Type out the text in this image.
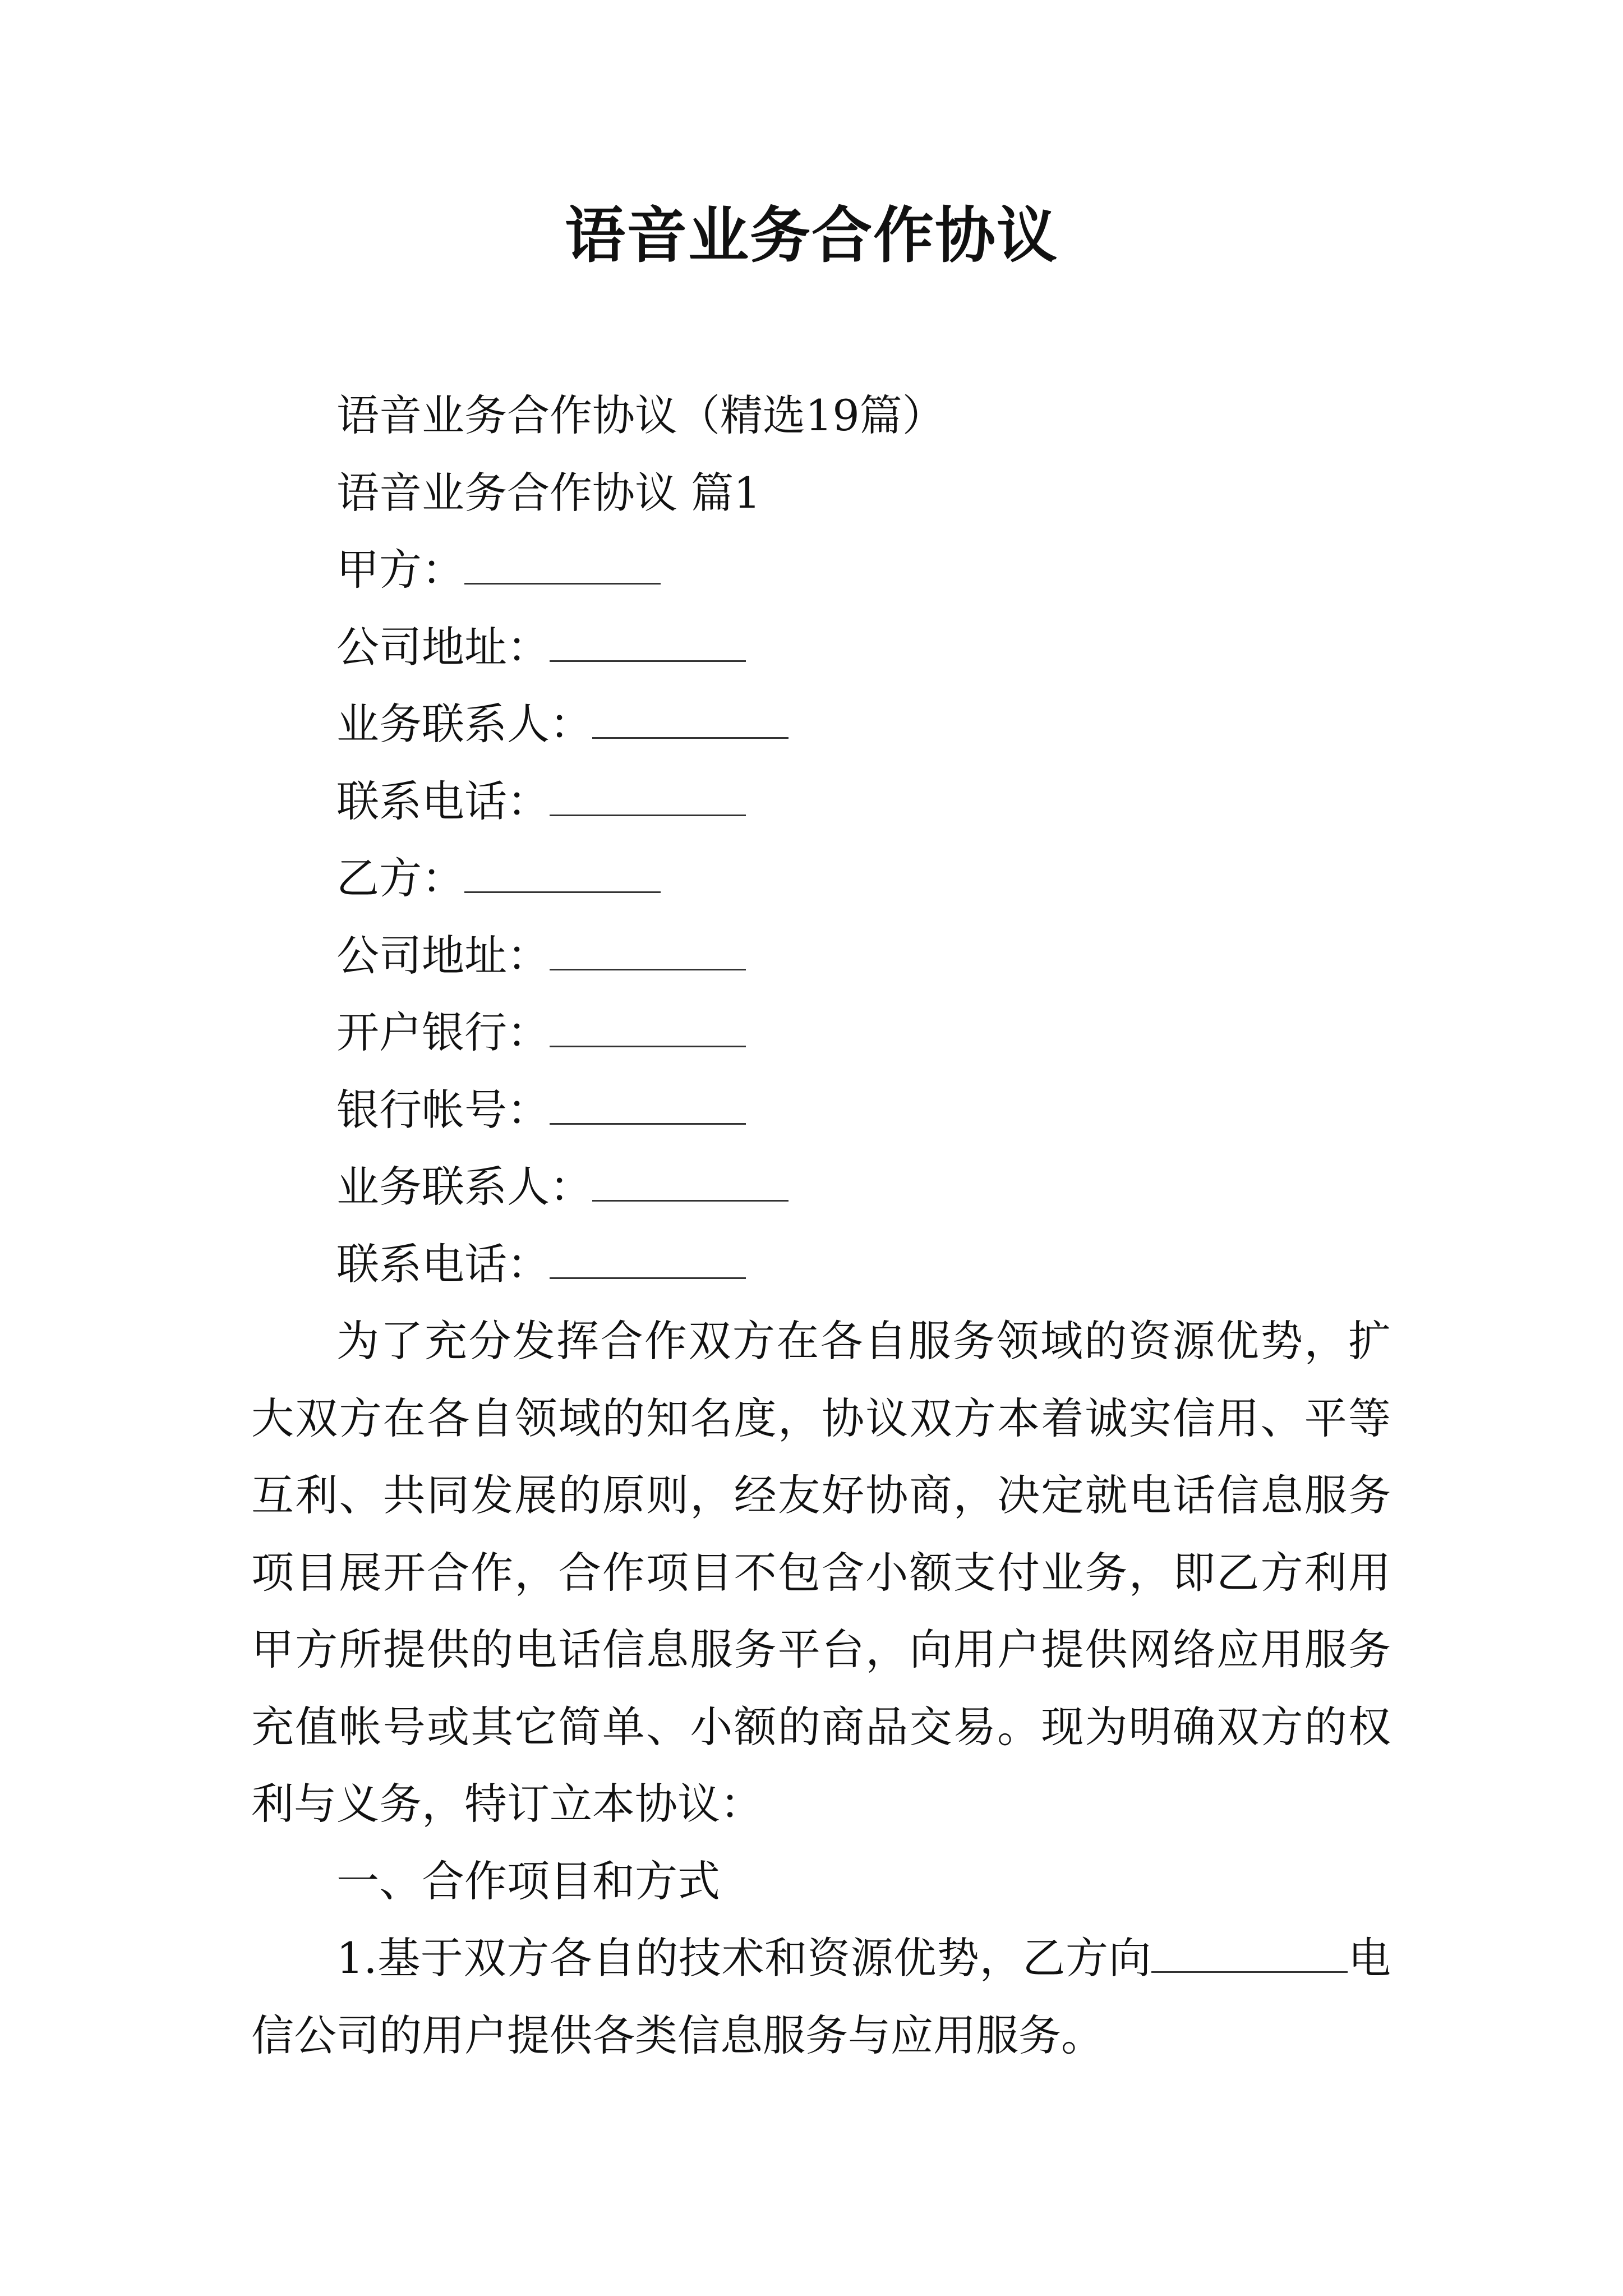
语音业务合作协议

语音业务合作协议（精选19篇）

语音业务合作协议 篇1

甲方：

公司地址：

业务联系人：

联系电话：

乙方：

公司地址：

开户银行：

银行帐号：

业务联系人：

联系电话：

为了充分发挥合作双方在各自服务领域的资源优势，扩大双方在各自领域的知名度，协议双方本着诚实信用、平等互利、共同发展的原则，经友好协商，决定就电话信息服务项目展开合作，合作项目不包含小额支付业务，即乙方利用甲方所提供的电话信息服务平台，向用户提供网络应用服务充值帐号或其它简单、小额的商品交易。现为明确双方的权利与义务，特订立本协议：

一、合作项目和方式

1.基于双方各自的技术和资源优势，乙方向	电信公司的用户提供各类信息服务与应用服务。
